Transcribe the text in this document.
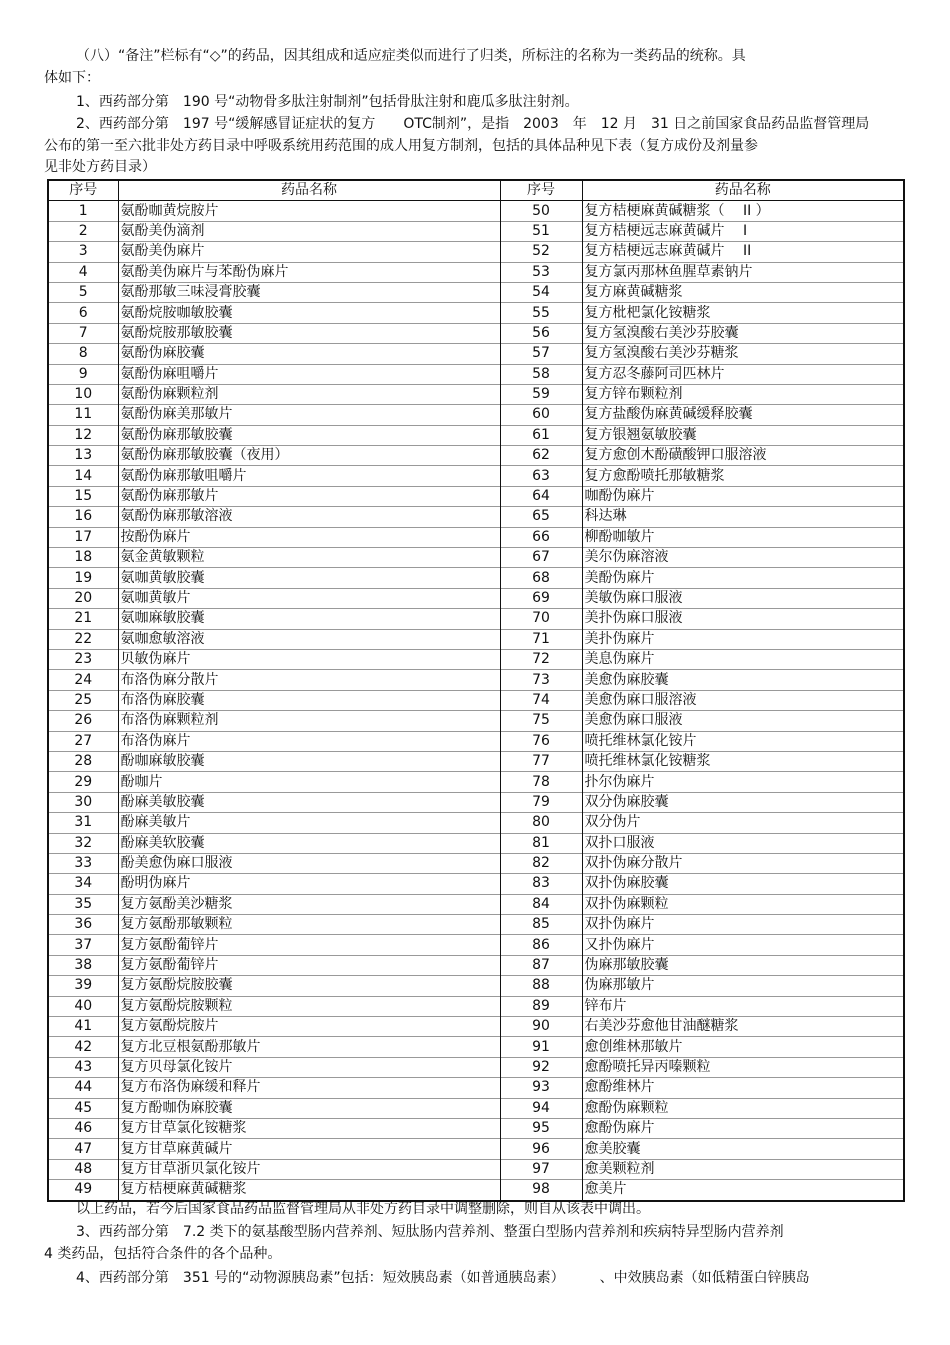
（八）“备注”栏标有“◇”的药品，因其组成和适应症类似而进行了归类，所标注的名称为一类药品的统称。具
体如下：
1、西药部分第　190 号“动物骨多肽注射制剂”包括骨肽注射和鹿瓜多肽注射剂。
2、西药部分第　197 号“缓解感冒证症状的复方　　OTC制剂”，是指　2003　年　12 月　31 日之前国家食品药品监督管理局
公布的第一至六批非处方药目录中呼吸系统用药范围的成人用复方制剂，包括的具体品种见下表（复方成份及剂量参
见非处方药目录）
序号	药品名称	序号	药品名称
1	氨酚咖黄烷胺片	50	复方桔梗麻黄碱糖浆（　 II ）
2	氨酚美伪滴剂	51	复方桔梗远志麻黄碱片　 I
3	氨酚美伪麻片	52	复方桔梗远志麻黄碱片　 II
4	氨酚美伪麻片与苯酚伪麻片	53	复方氯丙那林鱼腥草素钠片
5	氨酚那敏三味浸膏胶囊	54	复方麻黄碱糖浆
6	氨酚烷胺咖敏胶囊	55	复方枇杷氯化铵糖浆
7	氨酚烷胺那敏胶囊	56	复方氢溴酸右美沙芬胶囊
8	氨酚伪麻胶囊	57	复方氢溴酸右美沙芬糖浆
9	氨酚伪麻咀嚼片	58	复方忍冬藤阿司匹林片
10	氨酚伪麻颗粒剂	59	复方锌布颗粒剂
11	氨酚伪麻美那敏片	60	复方盐酸伪麻黄碱缓释胶囊
12	氨酚伪麻那敏胶囊	61	复方银翘氨敏胶囊
13	氨酚伪麻那敏胶囊（夜用）	62	复方愈创木酚磺酸钾口服溶液
14	氨酚伪麻那敏咀嚼片	63	复方愈酚喷托那敏糖浆
15	氨酚伪麻那敏片	64	咖酚伪麻片
16	氨酚伪麻那敏溶液	65	科达琳
17	按酚伪麻片	66	柳酚咖敏片
18	氨金黄敏颗粒	67	美尔伪麻溶液
19	氨咖黄敏胶囊	68	美酚伪麻片
20	氨咖黄敏片	69	美敏伪麻口服液
21	氨咖麻敏胶囊	70	美扑伪麻口服液
22	氨咖愈敏溶液	71	美扑伪麻片
23	贝敏伪麻片	72	美息伪麻片
24	布洛伪麻分散片	73	美愈伪麻胶囊
25	布洛伪麻胶囊	74	美愈伪麻口服溶液
26	布洛伪麻颗粒剂	75	美愈伪麻口服液
27	布洛伪麻片	76	喷托维林氯化铵片
28	酚咖麻敏胶囊	77	喷托维林氯化铵糖浆
29	酚咖片	78	扑尔伪麻片
30	酚麻美敏胶囊	79	双分伪麻胶囊
31	酚麻美敏片	80	双分伪片
32	酚麻美软胶囊	81	双扑口服液
33	酚美愈伪麻口服液	82	双扑伪麻分散片
34	酚明伪麻片	83	双扑伪麻胶囊
35	复方氨酚美沙糖浆	84	双扑伪麻颗粒
36	复方氨酚那敏颗粒	85	双扑伪麻片
37	复方氨酚葡锌片	86	又扑伪麻片
38	复方氨酚葡锌片	87	伪麻那敏胶囊
39	复方氨酚烷胺胶囊	88	伪麻那敏片
40	复方氨酚烷胺颗粒	89	锌布片
41	复方氨酚烷胺片	90	右美沙芬愈他甘油醚糖浆
42	复方北豆根氨酚那敏片	91	愈创维林那敏片
43	复方贝母氯化铵片	92	愈酚喷托异丙嗪颗粒
44	复方布洛伪麻缓和释片	93	愈酚维林片
45	复方酚咖伪麻胶囊	94	愈酚伪麻颗粒
46	复方甘草氯化铵糖浆	95	愈酚伪麻片
47	复方甘草麻黄碱片	96	愈美胶囊
48	复方甘草浙贝氯化铵片	97	愈美颗粒剂
49	复方桔梗麻黄碱糖浆	98	愈美片
以上药品，若今后国家食品药品监督管理局从非处方药目录中调整删除，则自从该表中调出。
3、西药部分第　7.2 类下的氨基酸型肠内营养剂、短肽肠内营养剂、整蛋白型肠内营养剂和疾病特异型肠内营养剂
4 类药品，包括符合条件的各个品种。
4、西药部分第　351 号的“动物源胰岛素”包括：短效胰岛素（如普通胰岛素）　　　、中效胰岛素（如低精蛋白锌胰岛
